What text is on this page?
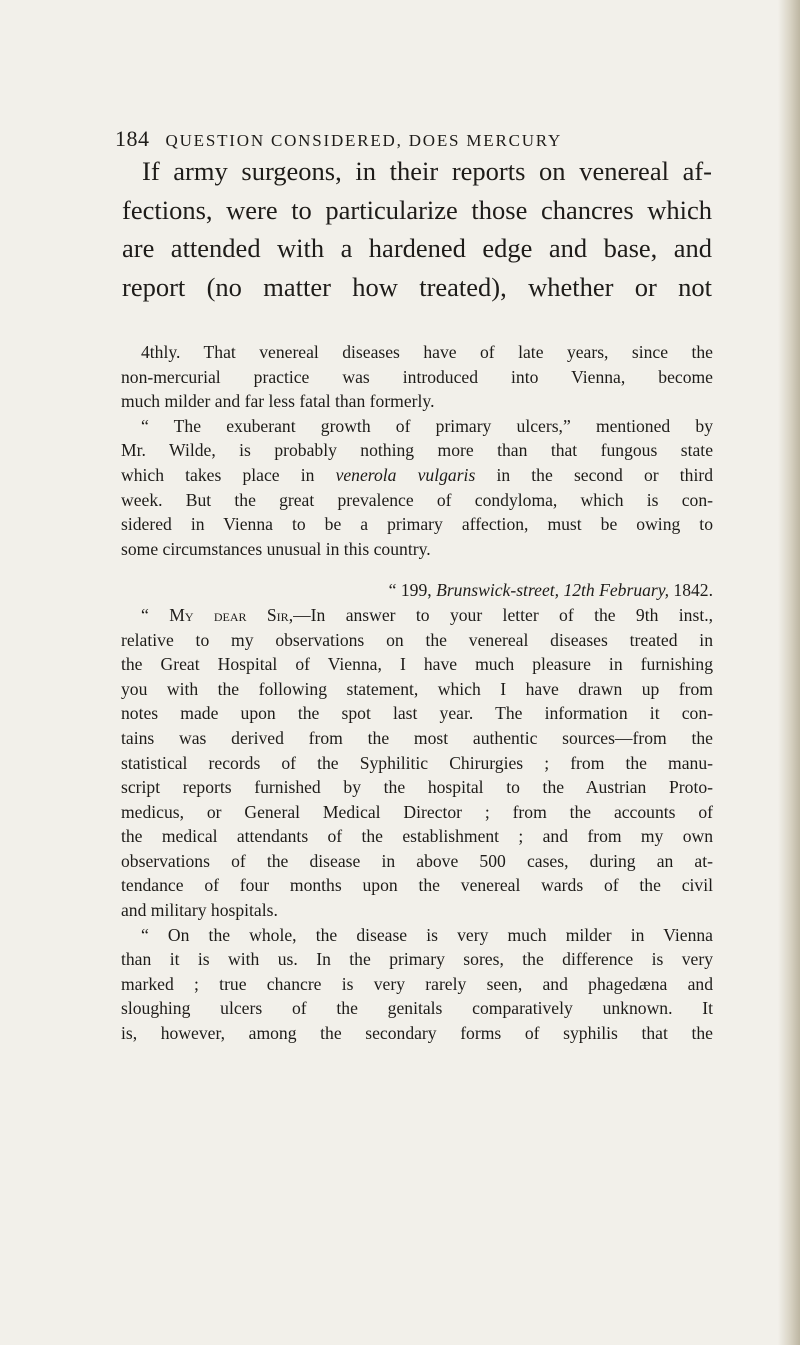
184 QUESTION CONSIDERED, DOES MERCURY
If army surgeons, in their reports on venereal af-
fections, were to particularize those chancres which
are attended with a hardened edge and base, and
report (no matter how treated), whether or not
4thly. That venereal diseases have of late years, since the
non-mercurial practice was introduced into Vienna, become
much milder and far less fatal than formerly.
“ The exuberant growth of primary ulcers,” mentioned by
Mr. Wilde, is probably nothing more than that fungous state
which takes place in venerola vulgaris in the second or third
week. But the great prevalence of condyloma, which is con-
sidered in Vienna to be a primary affection, must be owing to
some circumstances unusual in this country.
“ 199, Brunswick-street, 12th February, 1842.
“ My dear Sir,—In answer to your letter of the 9th inst.,
relative to my observations on the venereal diseases treated in
the Great Hospital of Vienna, I have much pleasure in furnishing
you with the following statement, which I have drawn up from
notes made upon the spot last year. The information it con-
tains was derived from the most authentic sources—from the
statistical records of the Syphilitic Chirurgies ; from the manu-
script reports furnished by the hospital to the Austrian Proto-
medicus, or General Medical Director ; from the accounts of
the medical attendants of the establishment ; and from my own
observations of the disease in above 500 cases, during an at-
tendance of four months upon the venereal wards of the civil
and military hospitals.
“ On the whole, the disease is very much milder in Vienna
than it is with us. In the primary sores, the difference is very
marked ; true chancre is very rarely seen, and phagedæna and
sloughing ulcers of the genitals comparatively unknown. It
is, however, among the secondary forms of syphilis that the
